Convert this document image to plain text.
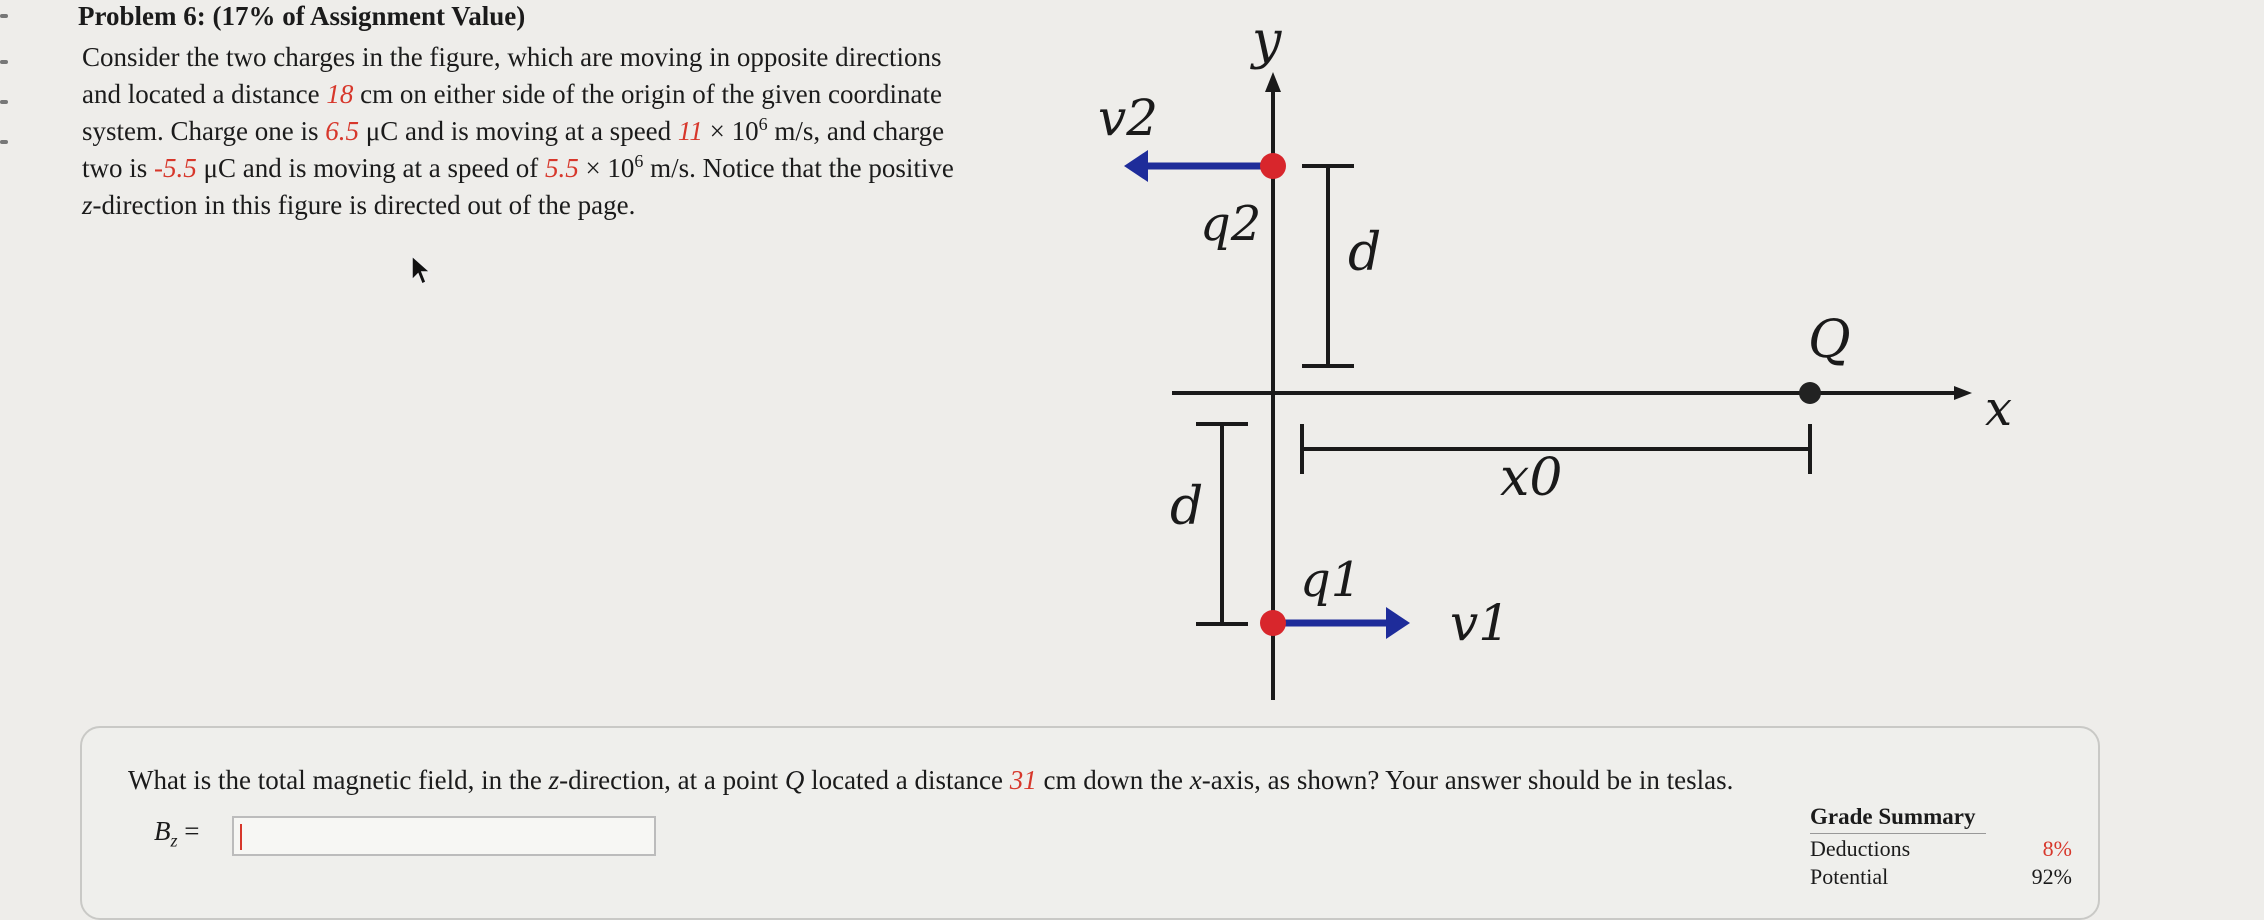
Problem 6: (17% of Assignment Value)
Consider the two charges in the figure, which are moving in opposite directions
and located a distance 18 cm on either side of the origin of the given coordinate
system. Charge one is 6.5 μC and is moving at a speed $11 \times 10^6$ m/s, and charge
two is -5.5 μC and is moving at a speed of $5.5 \times 10^6$ m/s. Notice that the positive
z-direction in this figure is directed out of the page.
y
x
d
d	x0
Q
v2
q2
q1
v1
What is the total magnetic field, in the z-direction, at a point Q located a distance 31 cm down the x-axis, as shown? Your answer should be in teslas.
$B_z$ =	Grade Summary
Deductions	8%
Potential	92%
